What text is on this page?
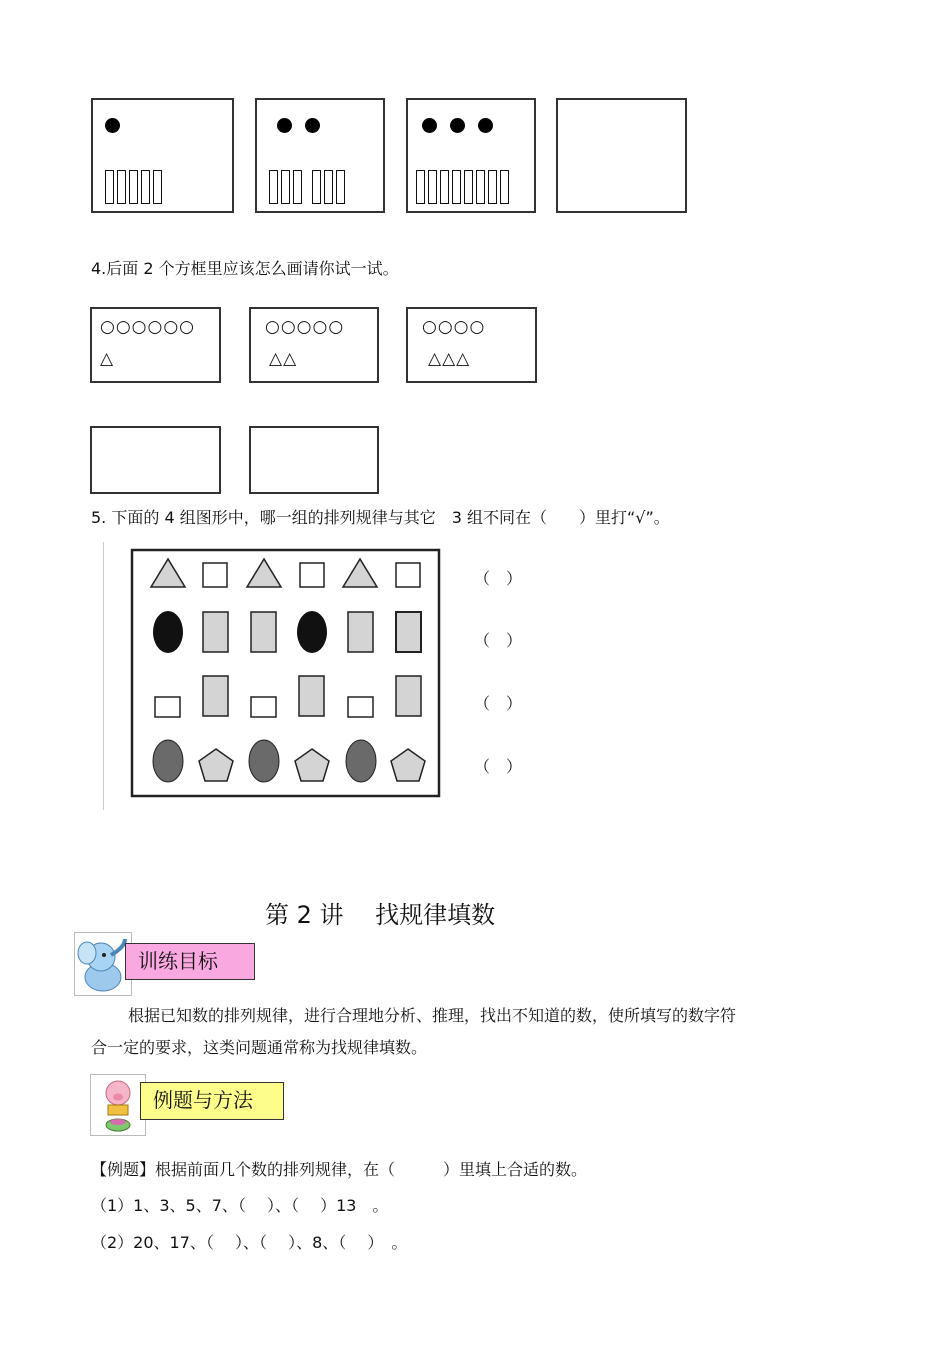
4.后面 2 个方框里应该怎么画请你试一试。
○○○○○○
△
○○○○○
△△
○○○○
△△△
5. 下面的 4 组图形中，哪一组的排列规律与其它　3 组不同在（　　）里打“√”。
（　）
（　）
（　）
（　）
第 2 讲　 找规律填数
训练目标
根据已知数的排列规律，进行合理地分析、推理，找出不知道的数，使所填写的数字符
合一定的要求，这类问题通常称为找规律填数。
例题与方法
【例题】根据前面几个数的排列规律，在（　　　）里填上合适的数。
（1）1、3、5、7、（　 ）、（　 ）13　。
（2）20、17、（　 ）、（　 ）、8、（　 ）　。
